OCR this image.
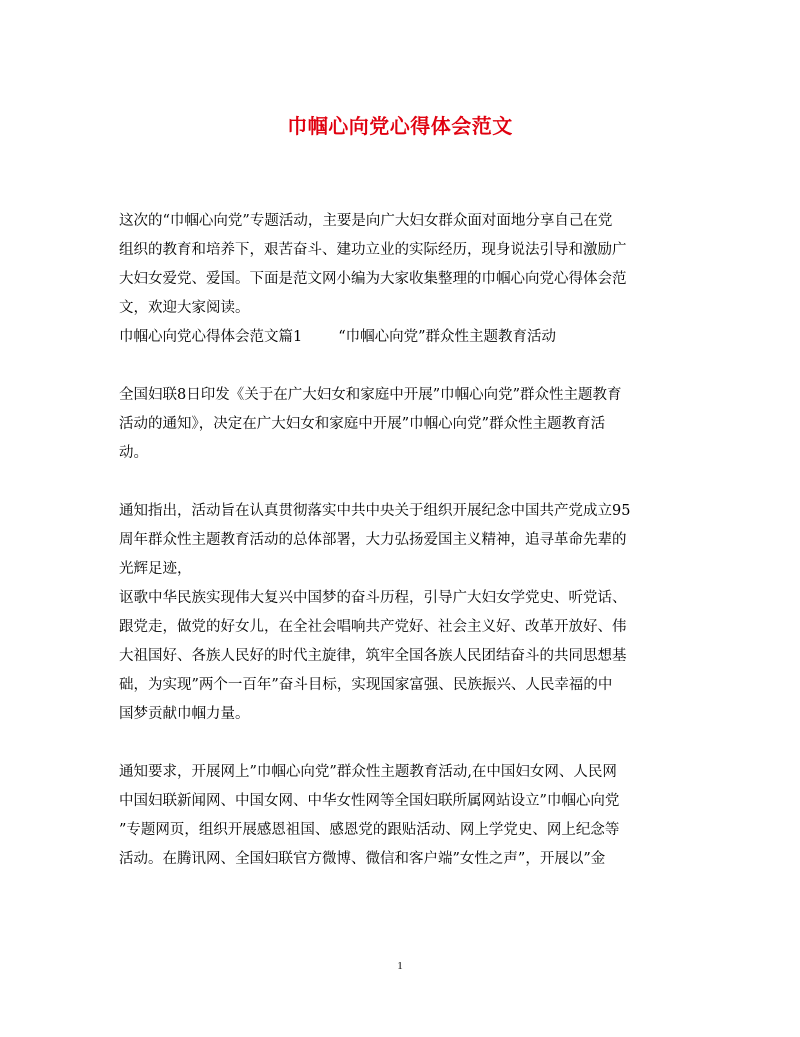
巾帼心向党心得体会范文
这次的“巾帼心向党”专题活动，主要是向广大妇女群众面对面地分享自己在党
组织的教育和培养下，艰苦奋斗、建功立业的实际经历，现身说法引导和激励广
大妇女爱党、爱国。下面是范文网小编为大家收集整理的巾帼心向党心得体会范
文，欢迎大家阅读。
巾帼心向党心得体会范文篇1 “巾帼心向党”群众性主题教育活动
全国妇联8日印发《关于在广大妇女和家庭中开展”巾帼心向党”群众性主题教育
活动的通知》，决定在广大妇女和家庭中开展”巾帼心向党”群众性主题教育活
动。
通知指出，活动旨在认真贯彻落实中共中央关于组织开展纪念中国共产党成立95
周年群众性主题教育活动的总体部署，大力弘扬爱国主义精神，追寻革命先辈的
光辉足迹，
讴歌中华民族实现伟大复兴中国梦的奋斗历程，引导广大妇女学党史、听党话、
跟党走，做党的好女儿，在全社会唱响共产党好、社会主义好、改革开放好、伟
大祖国好、各族人民好的时代主旋律，筑牢全国各族人民团结奋斗的共同思想基
础，为实现”两个一百年”奋斗目标，实现国家富强、民族振兴、人民幸福的中
国梦贡献巾帼力量。
通知要求，开展网上”巾帼心向党”群众性主题教育活动,在中国妇女网、人民网
中国妇联新闻网、中国女网、中华女性网等全国妇联所属网站设立”巾帼心向党
”专题网页，组织开展感恩祖国、感恩党的跟贴活动、网上学党史、网上纪念等
活动。在腾讯网、全国妇联官方微博、微信和客户端”女性之声”，开展以”金
1
